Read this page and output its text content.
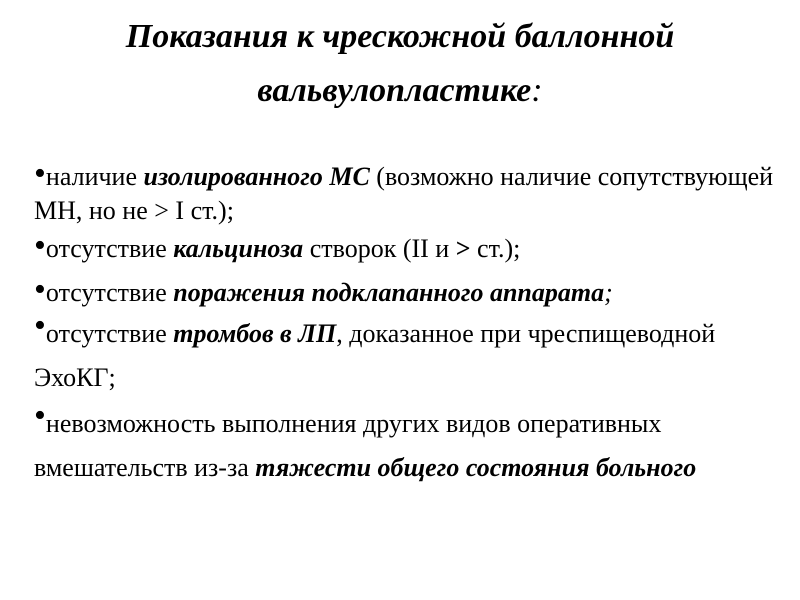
Показания к чрескожной баллонной
вальвулопластике:

•наличие изолированного МС (возможно наличие сопутствующей МН, но не > I ст.);

•отсутствие кальциноза створок (II и > ст.);

•отсутствие поражения подклапанного аппарата;

•отсутствие тромбов в ЛП, доказанное при чреспищеводной ЭхоКГ;

•невозможность выполнения других видов оперативных вмешательств из-за тяжести общего состояния больного
